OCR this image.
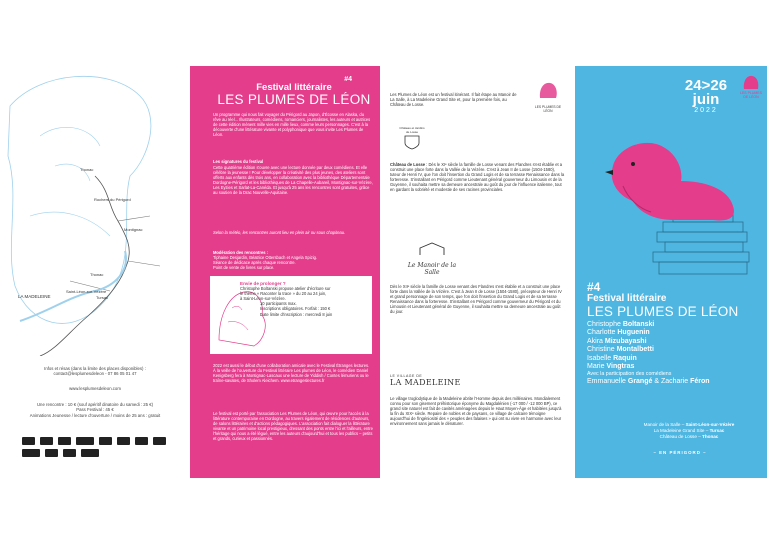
Thonac
Rochers du Périgord
Montignac
Thonac
Saint-Léon-sur-Vézère
Tursac
LA MADELEINE
Infos et résas (dans la limite des places disponibles) :
contact@lesplumesdeleon - 07 86 05 01 47
www.lesplumesdeleon.com
Une rencontre : 10 € (souf apéritif dinatoire du samedi : 25 €)
Pass Festival : 45 €
Animations Jeunesse / lecture d'ouverture / moins de 25 ans : gratuit
#4
Festival littéraire
LES PLUMES DE LÉON
Un programme qui nous fait voyager du Périgord au Japon, d'Écosse en Alaska, du rêve au réel... Illustrateurs, comédiens, romanciers, journalistes, les auteurs et autrices de cette édition mènent mille vies en mille lieux, comme leurs personnages. C'est à la découverte d'une littérature vivante et polyphonique que vous invite Les Plumes de Léon.
Les signatures du festival
Cette quatrième édition s'ouvre avec une lecture donnée par deux comédiens. Et elle célèbre la jeunesse ! Pour développer la créativité des plus jeunes, des ateliers sont offerts aux enfants dès trois ans, en collaboration avec la bibliothèque Départementale Dordogne-Périgord et les bibliothèques de La Chapelle-Aubareil, Montignac-sur-Vézère, Les Eyzies et Sarlat-La-Canéda. Et jusqu'à 25 ans les rencontres sont gratuites, grâce au soutien de la Drac Nouvelle-Aquitaine.
Selon la météo, les rencontres auront lieu en plein air ou sous chapiteau.
Modération des rencontres :
Tiphaine Desjardin, Béatrice Ottersbach et Angela Spizig.
Séance de dédicace après chaque rencontre.
Point de vente de livres sur place.
Envie de prolonger ?
Christophe Boltanski propose atelier d'écriture sur
le thème « Raconter la trace » du 20 au 24 juin,
à Saint-Léon-sur-Vézère.
10 participants max.
Inscriptions obligatoires. Forfait : 150 €
Date limite d'inscription : mercredi 8 juin
2022 est aussi le début d'une collaboration amicale avec le Festival Étranges lectures. À la veille de l'ouverture du Festival littéraire Les plumes de Léon, le comédien Daniel Kenigsberg fera à Montignac-Lascaux une lecture de Yiddish / Contes lémuriens ou le traîne-savates, de Sholem Aleichem. www.etrangeslectures.fr
Le festival est porté par l'association Les Plumes de Léon, qui œuvre pour l'accès à la littérature contemporaine en Dordogne, au travers également de résidences d'auteurs, de salons littéraires et d'actions pédagogiques. L'association fait dialoguer la littérature vivante et un patrimoine local prestigieux, dressant des ponts entre l'ici et l'ailleurs, entre l'héritage qui nous a été légué, entre les auteurs d'aujourd'hui et tous les publics – petits et grands, curieux et passionnés.
Les Plumes de Léon est un festival itinérant. Il fait étape au Manoir de La Salle, à La Madeleine Grand Site et, pour la première fois, au Château de Losse.	LES PLUMES DE LÉON
Château et Jardins de Losse
Château de Losse : Dès le XIᵉ siècle la famille de Losse venant des Flandres s'est établie et a construit une place forte dans la Vallée de la Vézère. C'est à Jean II de Losse (1504-1580), tuteur de Henri IV, que l'on doit l'insertion du Grand Logis et de sa terrasse Renaissance dans la forteresse. S'installant en Périgord comme Lieutenant général gouverneur du Limousin et de la Guyenne, il souhaita mettre sa demeure ancestrale au goût du jour de l'influence italienne, tout en gardant la sobriété et modestie de ses racines provinciales.
Le Manoir de la Salle
Dès le XIIᵉ siècle la famille de Losse venant des Flandres s'est établie et a construit une place forte dans la Vallée de la Vézère. C'est à Jean II de Losse (1504-1580), précepteur de Henri IV et grand personnage de son temps, que l'on doit l'insertion du Grand Logis et de sa terrasse Renaissance dans la forteresse. S'installant en Périgord comme gouverneur du Périgord et du Limousin et Lieutenant général de Guyenne, il souhaita mettre sa demeure ancestrale au goût du jour.
LE VILLAGE DE
LA MADELEINE
Le village troglodytique de la Madeleine abrite l'Homme depuis des millénaires. Mondialement connu pour son gisement préhistorique éponyme du Magdalénien (-17 000 / -12 000 BP), ce grand site naturel est fait de cavités aménagées depuis le Haut Moyen-Âge et habitées jusqu'à la fin du XIXᵉ siècle. Repaire de nobles et de paysans, ce village de calcaire témoigne aujourd'hui de l'ingéniosité des « peuples des falaises » qui ont su vivre en harmonie avec leur environnement sans jamais le dénaturer.
24>26
juin
2022
LES PLUMES DE LÉON
#4
Festival littéraire
LES PLUMES DE LÉON
Christophe Boltanski
Charlotte Huguenin
Akira Mizubayashi
Christine Montalbetti
Isabelle Raquin
Marie Vingtras
Avec la participation des comédiens
Emmanuelle Grangé & Zacharie Féron
Manoir de la Salle – Saint-Léon-sur-Vézère
La Madeleine Grand Site – Tursac
Château de Losse – Thonac
– EN PÉRIGORD –
